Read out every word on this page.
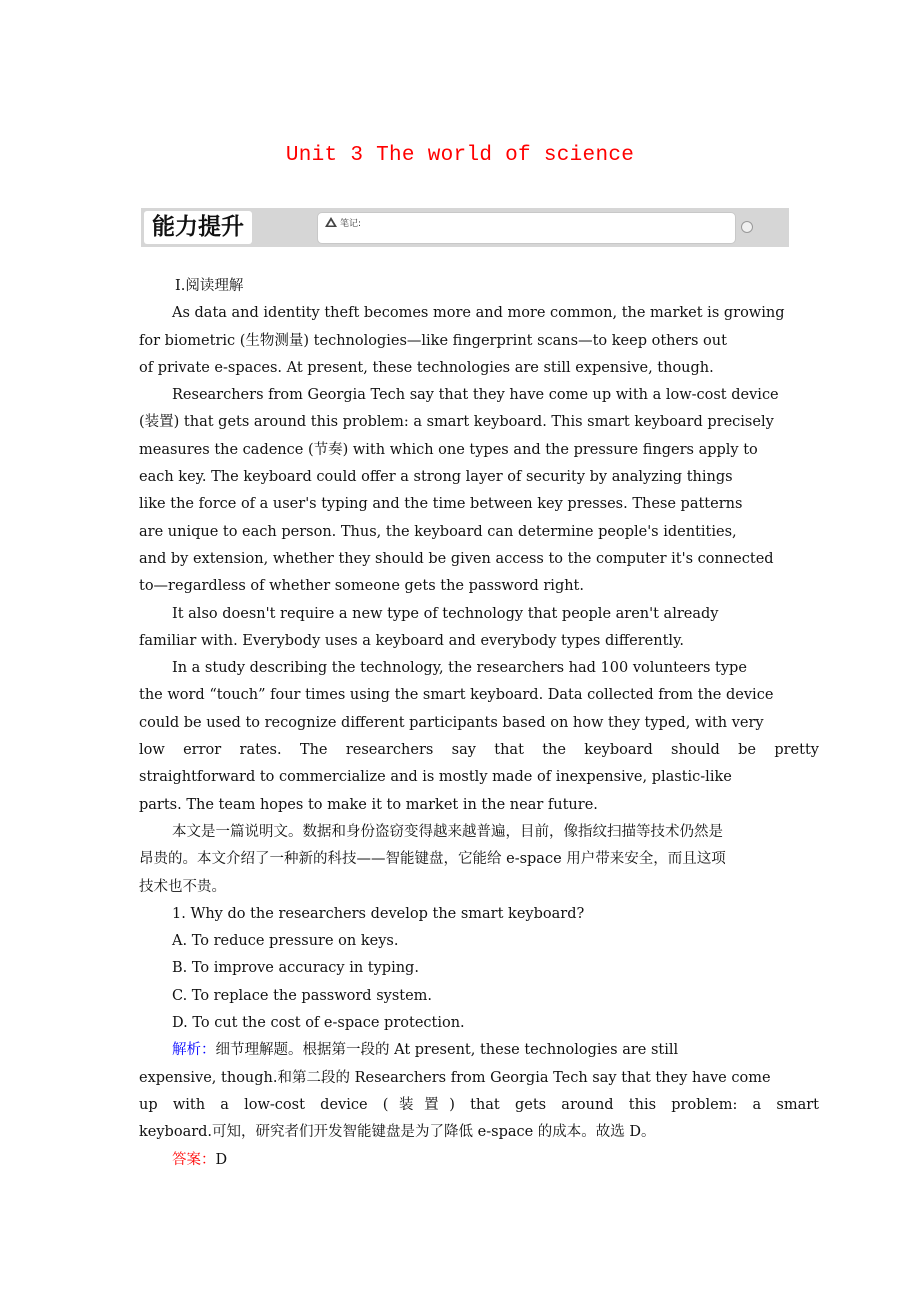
Unit 3 The world of science
能力提升	笔记:
Ⅰ.阅读理解
As data and identity theft becomes more and more common, the market is growing
for biometric (生物测量) technologies—like fingerprint scans—to keep others out
of private e-spaces. At present, these technologies are still expensive, though.
Researchers from Georgia Tech say that they have come up with a low-cost device
(装置) that gets around this problem: a smart keyboard. This smart keyboard precisely
measures the cadence (节奏) with which one types and the pressure fingers apply to
each key. The keyboard could offer a strong layer of security by analyzing things
like the force of a user's typing and the time between key presses. These patterns
are unique to each person. Thus, the keyboard can determine people's identities,
and by extension, whether they should be given access to the computer it's connected
to—regardless of whether someone gets the password right.
It also doesn't require a new type of technology that people aren't already
familiar with. Everybody uses a keyboard and everybody types differently.
In a study describing the technology, the researchers had 100 volunteers type
the word “touch” four times using the smart keyboard. Data collected from the device
could be used to recognize different participants based on how they typed, with very
low error rates. The researchers say that the keyboard should be pretty
straightforward to commercialize and is mostly made of inexpensive, plastic-like
parts. The team hopes to make it to market in the near future.
本文是一篇说明文。数据和身份盗窃变得越来越普遍，目前，像指纹扫描等技术仍然是
昂贵的。本文介绍了一种新的科技——智能键盘，它能给 e-space 用户带来安全，而且这项
技术也不贵。
1. Why do the researchers develop the smart keyboard?
A. To reduce pressure on keys.
B. To improve accuracy in typing.
C. To replace the password system.
D. To cut the cost of e-space protection.
解析：细节理解题。根据第一段的 At present, these technologies are still
expensive, though.和第二段的 Researchers from Georgia Tech say that they have come
up with a low-cost device (装置) that gets around this problem: a smart
keyboard.可知，研究者们开发智能键盘是为了降低 e-space 的成本。故选 D。
答案：D
